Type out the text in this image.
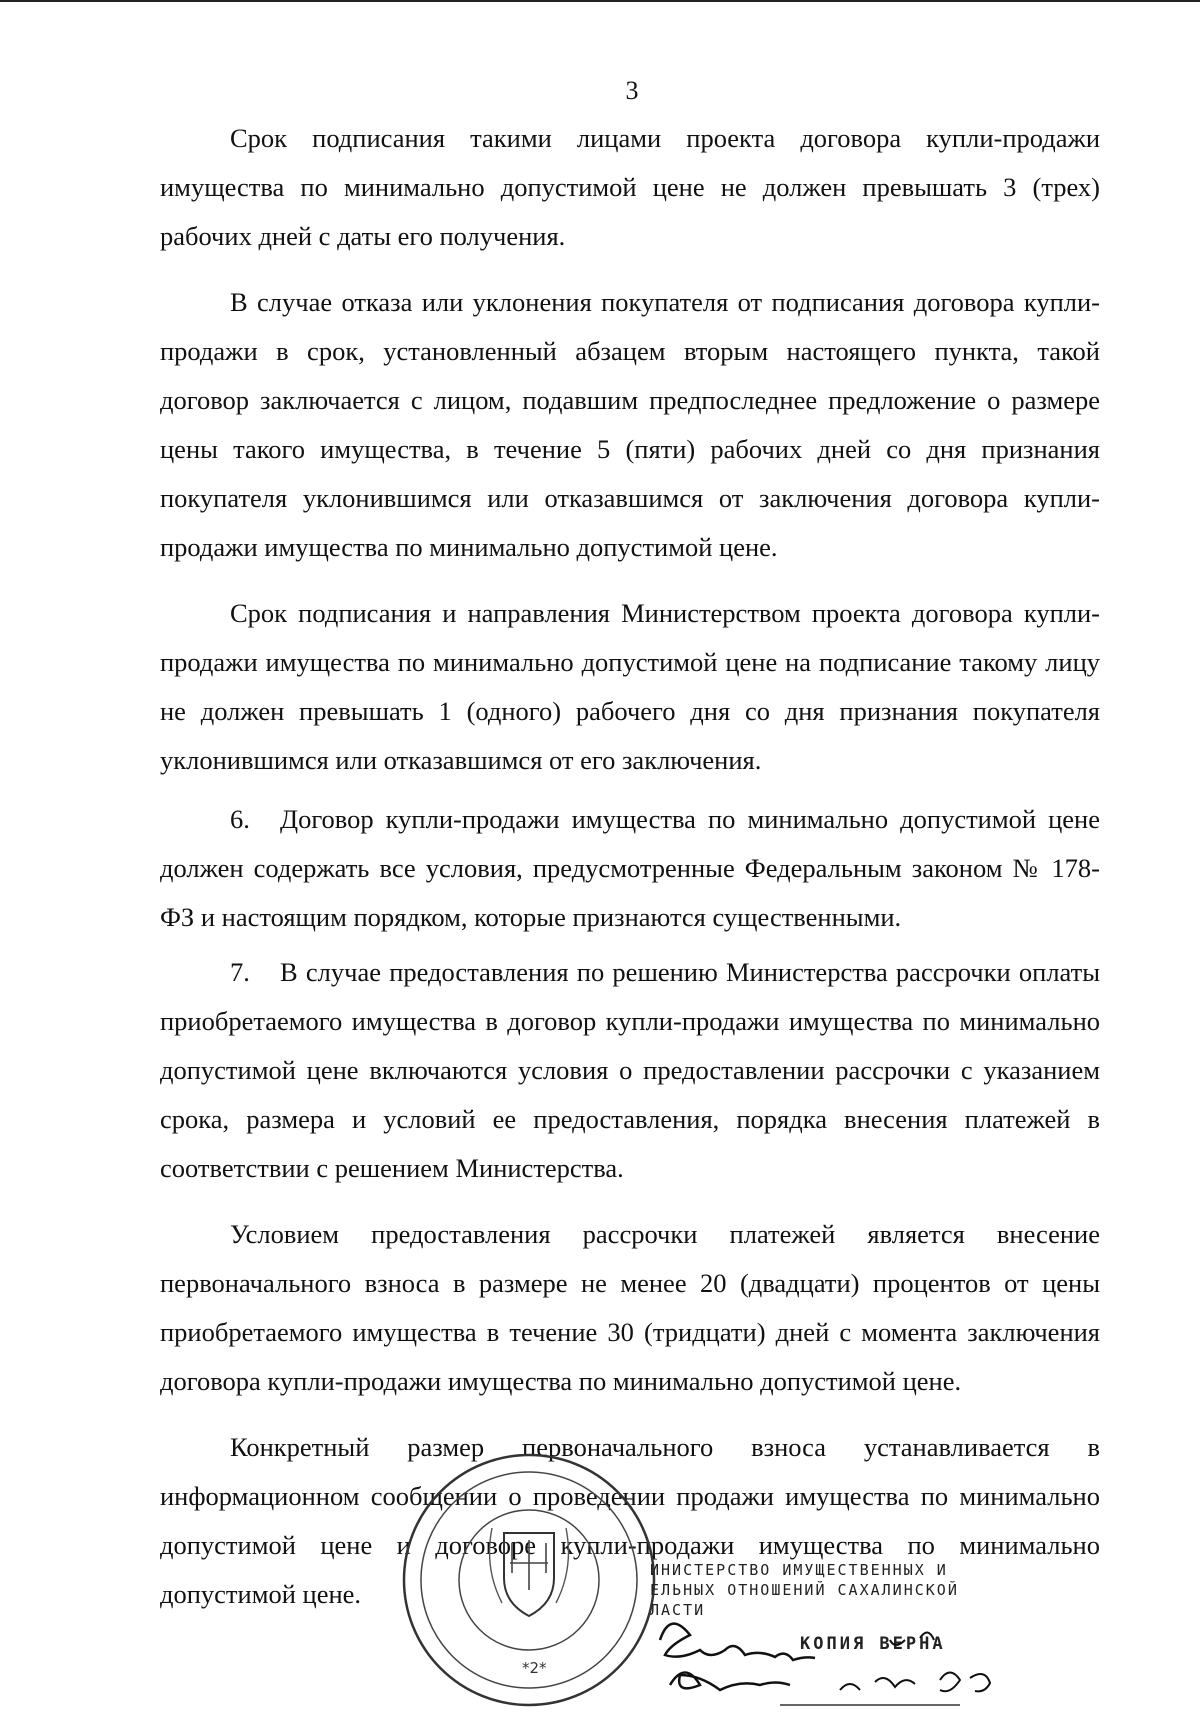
3

Срок подписания такими лицами проекта договора купли-продажи имущества по минимально допустимой цене не должен превышать 3 (трех) рабочих дней с даты его получения.

В случае отказа или уклонения покупателя от подписания договора купли-продажи в срок, установленный абзацем вторым настоящего пункта, такой договор заключается с лицом, подавшим предпоследнее предложение о размере цены такого имущества, в течение 5 (пяти) рабочих дней со дня признания покупателя уклонившимся или отказавшимся от заключения договора купли-продажи имущества по минимально допустимой цене.

Срок подписания и направления Министерством проекта договора купли-продажи имущества по минимально допустимой цене на подписание такому лицу не должен превышать 1 (одного) рабочего дня со дня признания покупателя уклонившимся или отказавшимся от его заключения.

6. Договор купли-продажи имущества по минимально допустимой цене должен содержать все условия, предусмотренные Федеральным законом № 178-ФЗ и настоящим порядком, которые признаются существенными.

7. В случае предоставления по решению Министерства рассрочки оплаты приобретаемого имущества в договор купли-продажи имущества по минимально допустимой цене включаются условия о предоставлении рассрочки с указанием срока, размера и условий ее предоставления, порядка внесения платежей в соответствии с решением Министерства.

Условием предоставления рассрочки платежей является внесение первоначального взноса в размере не менее 20 (двадцати) процентов от цены приобретаемого имущества в течение 30 (тридцати) дней с момента заключения договора купли-продажи имущества по минимально допустимой цене.

Конкретный размер первоначального взноса устанавливается в информационном сообщении о проведении продажи имущества по минимально допустимой цене и договоре купли-продажи имущества по минимально допустимой цене.

*2*
ИНИСТЕРСТВО ИМУЩЕСТВЕННЫХ И
ЕЛЬНЫХ ОТНОШЕНИЙ САХАЛИНСКОЙ
ЛАСТИ
КОПИЯ ВЕРНА
